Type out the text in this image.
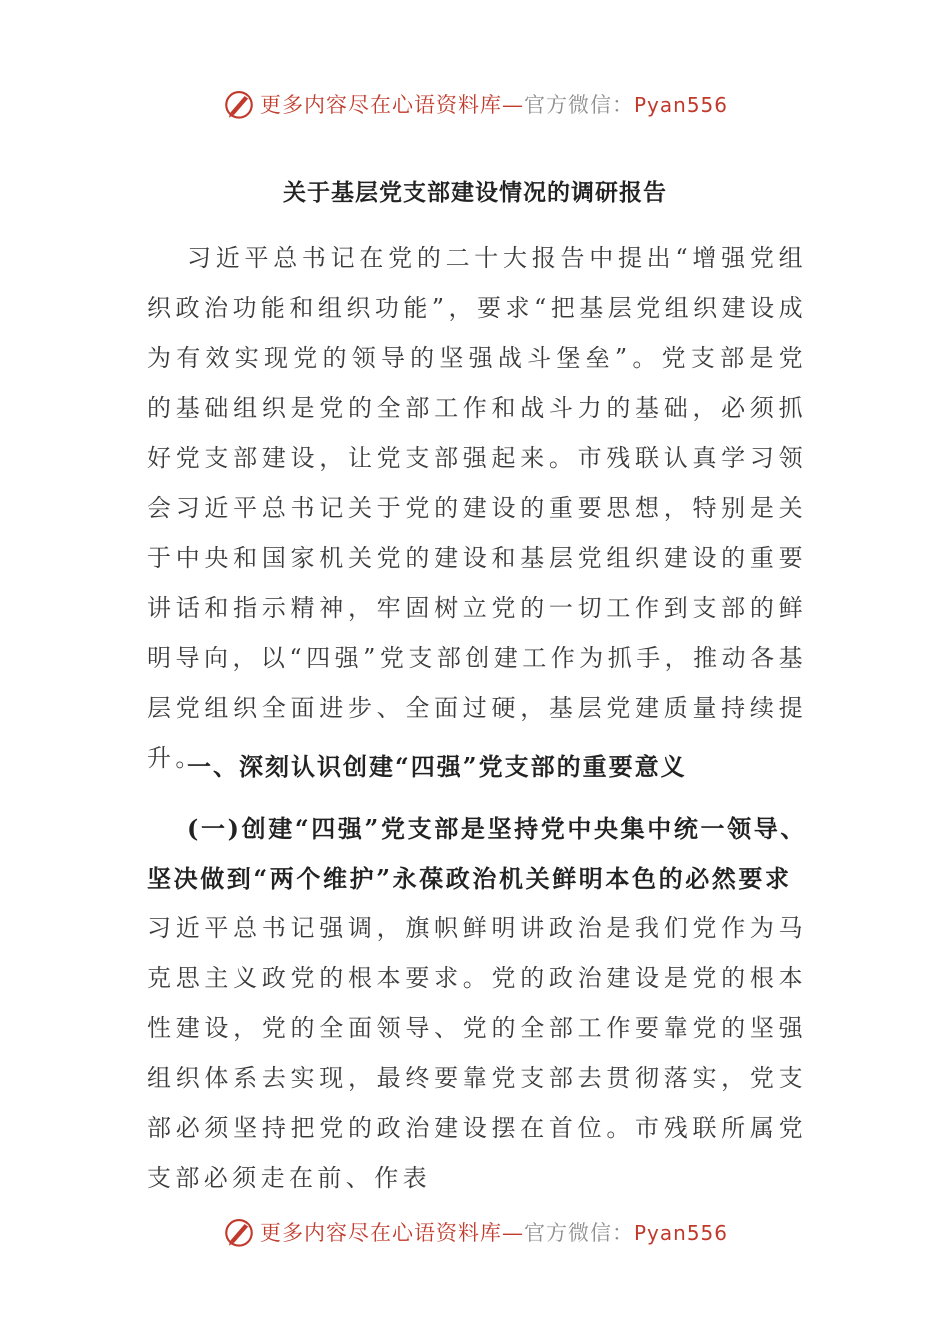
更多内容尽在心语资料库—官方微信：Pyan556
关于基层党支部建设情况的调研报告

习近平总书记在党的二十大报告中提出“增强党组织政治功能和组织功能”，要求“把基层党组织建设成为有效实现党的领导的坚强战斗堡垒”。党支部是党的基础组织是党的全部工作和战斗力的基础，必须抓好党支部建设，让党支部强起来。市残联认真学习领会习近平总书记关于党的建设的重要思想，特别是关于中央和国家机关党的建设和基层党组织建设的重要讲话和指示精神，牢固树立党的一切工作到支部的鲜明导向，以“四强”党支部创建工作为抓手，推动各基层党组织全面进步、全面过硬，基层党建质量持续提升。

一、深刻认识创建“四强”党支部的重要意义
(一)创建“四强”党支部是坚持党中央集中统一领导、坚决做到“两个维护”永葆政治机关鲜明本色的必然要求

习近平总书记强调，旗帜鲜明讲政治是我们党作为马克思主义政党的根本要求。党的政治建设是党的根本性建设，党的全面领导、党的全部工作要靠党的坚强组织体系去实现，最终要靠党支部去贯彻落实，党支部必须坚持把党的政治建设摆在首位。市残联所属党支部必须走在前、作表

更多内容尽在心语资料库—官方微信：Pyan556
